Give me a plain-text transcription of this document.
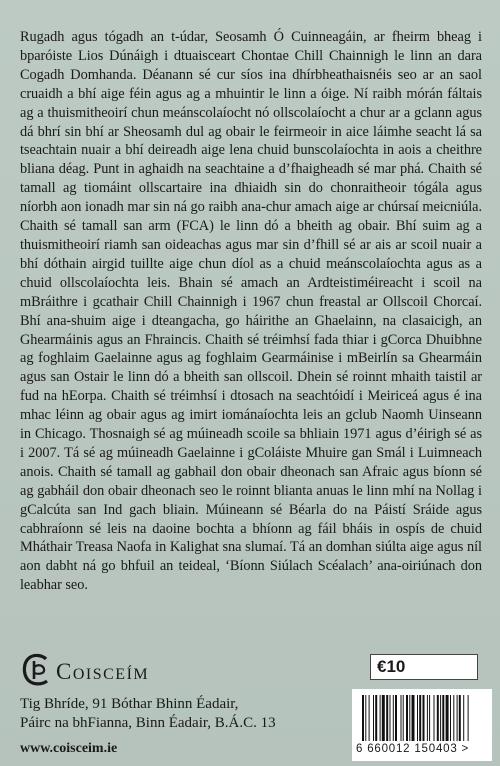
Rugadh agus tógadh an t-údar, Seosamh Ó Cuinneagáin, ar fheirm bheag i bparóiste Lios Dúnáigh i dtuaisceart Chontae Chill Chainnigh le linn an dara Cogadh Domhanda. Déanann sé cur síos ina dhírbheathaisnéis seo ar an saol cruaidh a bhí aige féin agus ag a mhuintir le linn a óige. Ní raibh mórán fáltais ag a thuismitheoirí chun meánscolaíocht nó ollscolaíocht a chur ar a gclann agus dá bhrí sin bhí ar Sheosamh dul ag obair le feirmeoir in aice láimhe seacht lá sa tseachtain nuair a bhí deireadh aige lena chuid bunscolaíochta in aois a cheithre bliana déag. Punt in aghaidh na seachtaine a d’fhaigheadh sé mar phá. Chaith sé tamall ag tiomáint ollscartaire ina dhiaidh sin do chonraitheoir tógála agus níorbh aon ionadh mar sin ná go raibh ana-chur amach aige ar chúrsaí meicniúla. Chaith sé tamall san arm (FCA) le linn dó a bheith ag obair. Bhí suim ag a thuismitheoirí riamh san oideachas agus mar sin d’fhill sé ar ais ar scoil nuair a bhí dóthain airgid tuillte aige chun díol as a chuid meánscolaíochta agus as a chuid ollscolaíochta leis. Bhain sé amach an Ardteistiméireacht i scoil na mBráithre i gcathair Chill Chainnigh i 1967 chun freastal ar Ollscoil Chorcaí. Bhí ana-shuim aige i dteangacha, go háirithe an Ghaelainn, na clasaicigh, an Ghearmáinis agus an Fhraincis. Chaith sé tréimhsí fada thiar i gCorca Dhuibhne ag foghlaim Gaelainne agus ag foghlaim Gearmáinise i mBeirlín sa Ghearmáin agus san Ostair le linn dó a bheith san ollscoil. Dhein sé roinnt mhaith taistil ar fud na hEorpa. Chaith sé tréimhsí i dtosach na seachtóidí i Meiriceá agus é ina mhac léinn ag obair agus ag imirt iománaíochta leis an gclub Naomh Uinseann in Chicago. Thosnaigh sé ag múineadh scoile sa bhliain 1971 agus d’éirigh sé as i 2007. Tá sé ag múineadh Gaelainne i gColáiste Mhuire gan Smál i Luimneach anois. Chaith sé tamall ag gabhail don obair dheonach san Afraic agus bíonn sé ag gabháil don obair dheonach seo le roinnt blianta anuas le linn mhí na Nollag i gCalcúta san Ind gach bliain. Múineann sé Béarla do na Páistí Sráide agus cabhraíonn sé leis na daoine bochta a bhíonn ag fáil bháis in ospís de chuid Mháthair Treasa Naofa in Kalighat sna slumaí. Tá an domhan siúlta aige agus níl aon dabht ná go bhfuil an teideal, ‘Bíonn Siúlach Scéalach’ ana-oiriúnach don leabhar seo.

Coisceím
Tig Bhríde, 91 Bóthar Bhinn Éadair,
Páirc na bhFianna, Binn Éadair, B.Á.C. 13
www.coisceim.ie
€10
6 660012 150403 >
